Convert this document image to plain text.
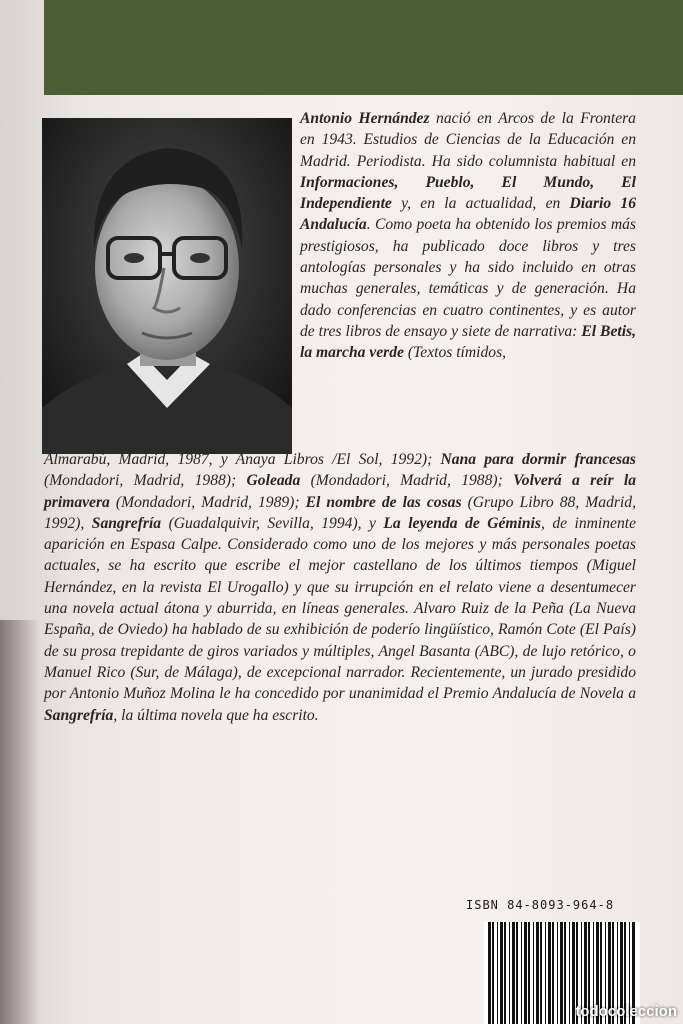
Antonio Hernández nació en Arcos de la Frontera en 1943. Estudios de Ciencias de la Educación en Madrid. Periodista. Ha sido columnista habitual en Informaciones, Pueblo, El Mundo, El Independiente y, en la actualidad, en Diario 16 Andalucía. Como poeta ha obtenido los premios más prestigiosos, ha publicado doce libros y tres antologías personales y ha sido incluido en otras muchas generales, temáticas y de generación. Ha dado conferencias en cuatro continentes, y es autor de tres libros de ensayo y siete de narrativa: El Betis, la marcha verde (Textos tímidos,

Almarabú, Madrid, 1987, y Anaya Libros /El Sol, 1992); Nana para dormir francesas (Mondadori, Madrid, 1988); Goleada (Mondadori, Madrid, 1988); Volverá a reír la primavera (Mondadori, Madrid, 1989); El nombre de las cosas (Grupo Libro 88, Madrid, 1992), Sangrefría (Guadalquivir, Sevilla, 1994), y La leyenda de Géminis, de inminente aparición en Espasa Calpe. Considerado como uno de los mejores y más personales poetas actuales, se ha escrito que escribe el mejor castellano de los últimos tiempos (Miguel Hernández, en la revista El Urogallo) y que su irrupción en el relato viene a desentumecer una novela actual átona y aburrida, en líneas generales. Alvaro Ruiz de la Peña (La Nueva España, de Oviedo) ha hablado de su exhibición de poderío lingüístico, Ramón Cote (El País) de su prosa trepidante de giros variados y múltiples, Angel Basanta (ABC), de lujo retórico, o Manuel Rico (Sur, de Málaga), de excepcional narrador. Recientemente, un jurado presidido por Antonio Muñoz Molina le ha concedido por unanimidad el Premio Andalucía de Novela a Sangrefría, la última novela que ha escrito.

ISBN 84-8093-964-8
todocoleccion
